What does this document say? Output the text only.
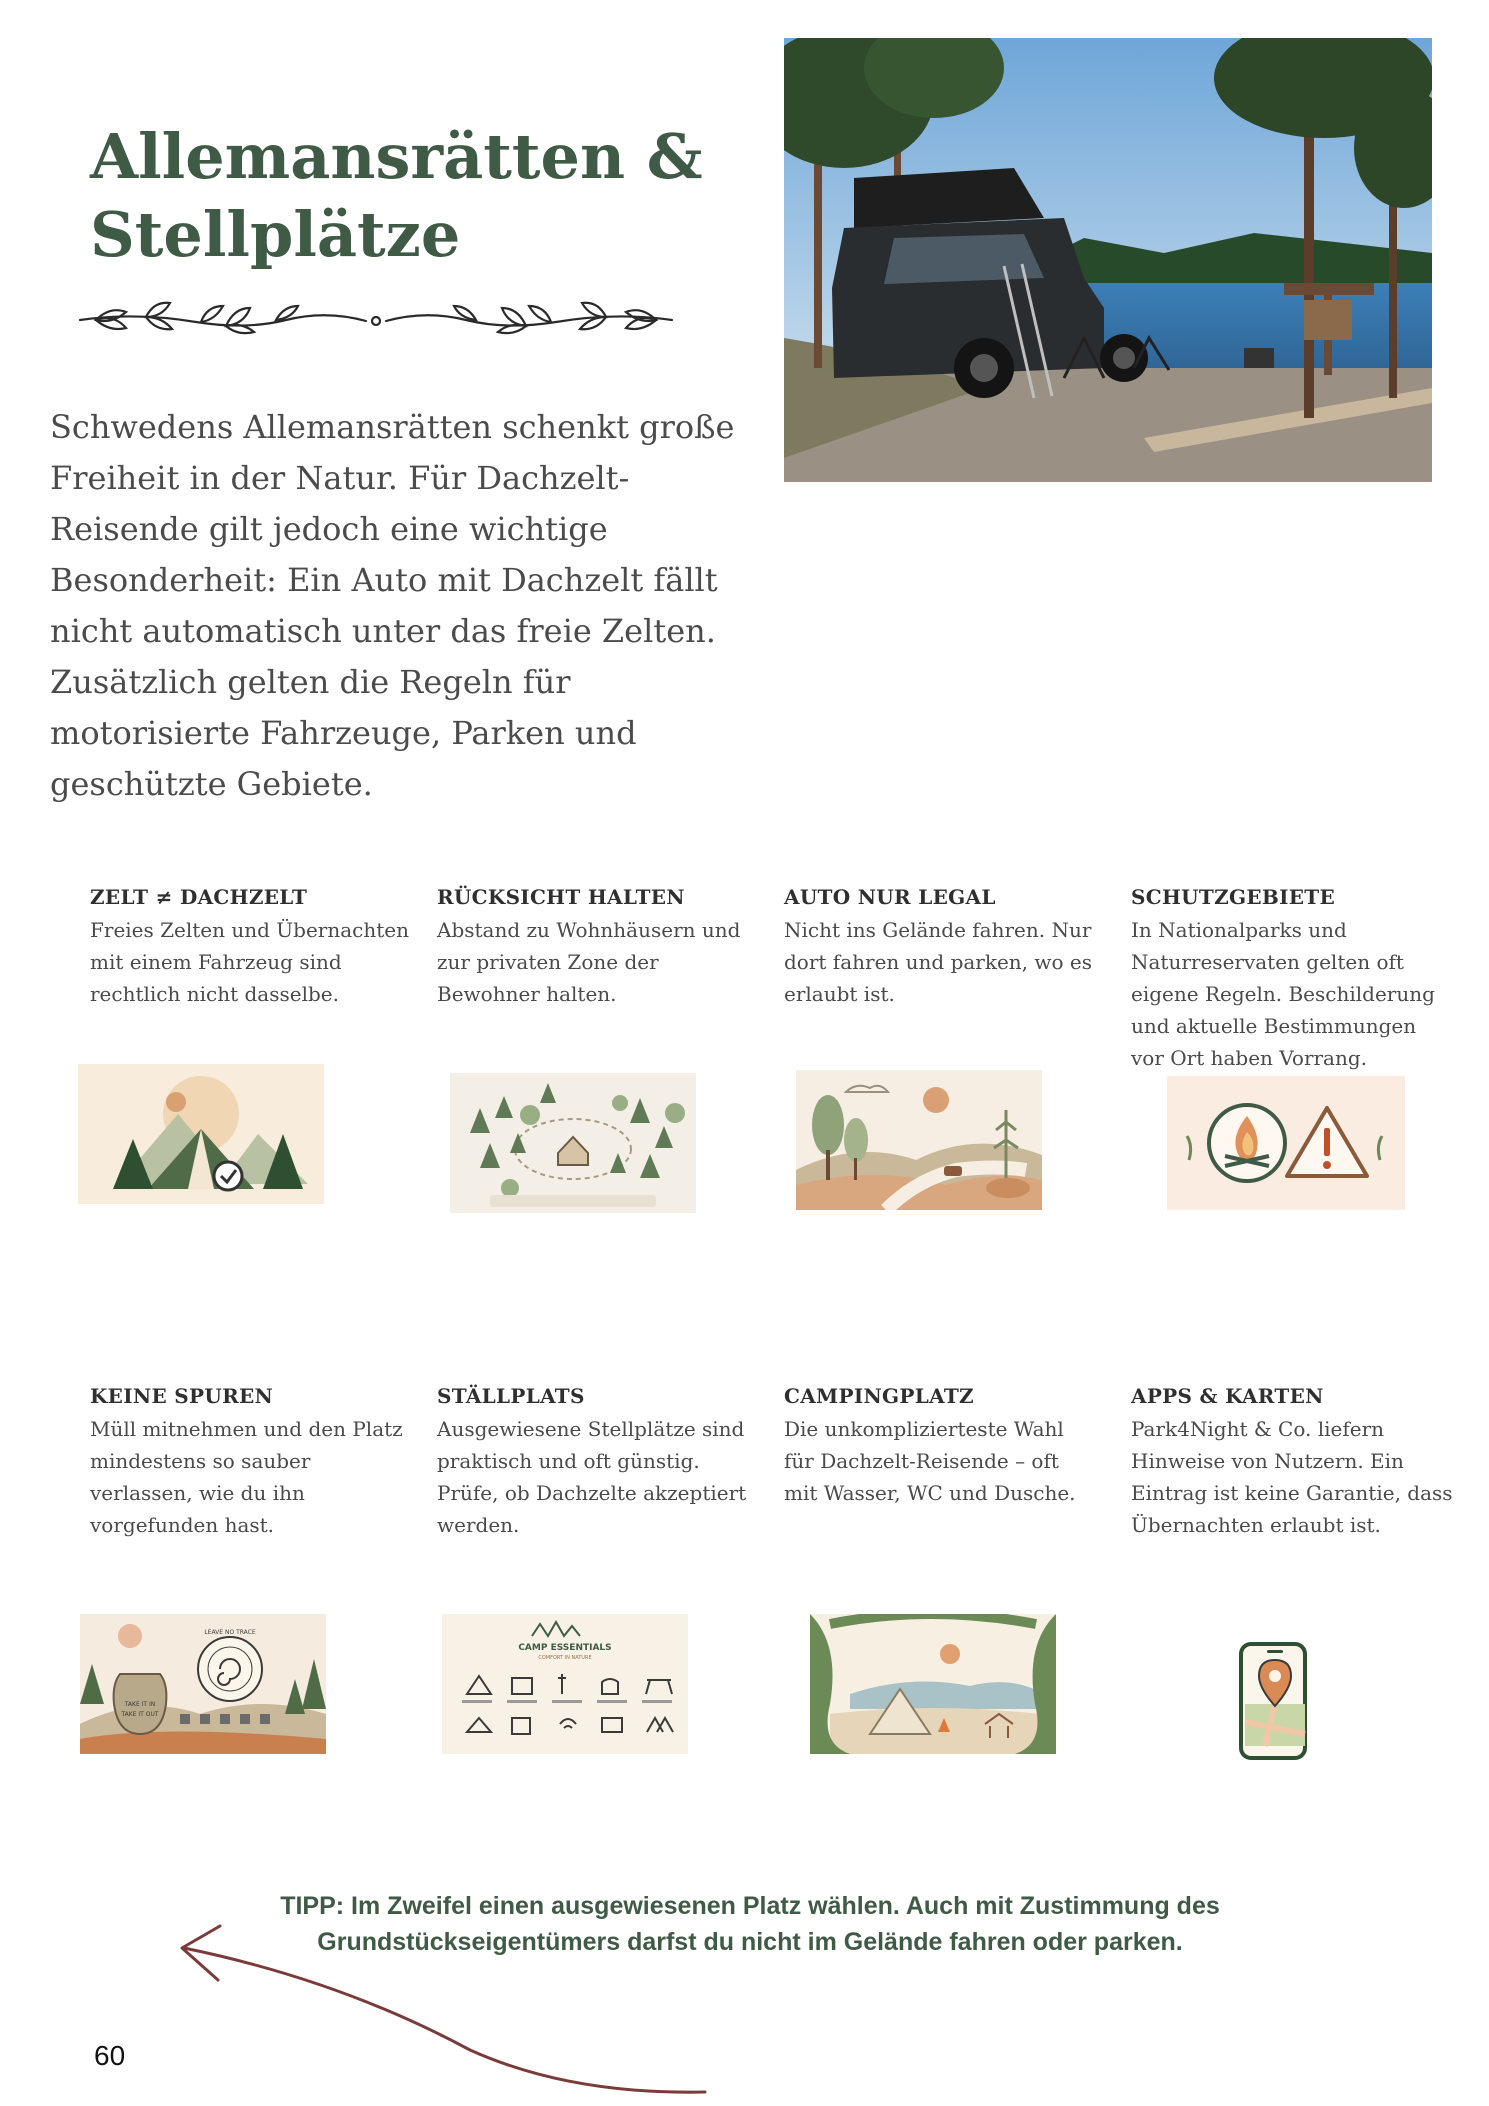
Allemansrätten &
Stellplätze

Schwedens Allemansrätten schenkt große
Freiheit in der Natur. Für Dachzelt-
Reisende gilt jedoch eine wichtige
Besonderheit: Ein Auto mit Dachzelt fällt
nicht automatisch unter das freie Zelten.
Zusätzlich gelten die Regeln für
motorisierte Fahrzeuge, Parken und
geschützte Gebiete.

ZELT ≠ DACHZELT
Freies Zelten und Übernachten
mit einem Fahrzeug sind
rechtlich nicht dasselbe.
RÜCKSICHT HALTEN
Abstand zu Wohnhäusern und
zur privaten Zone der
Bewohner halten.
AUTO NUR LEGAL
Nicht ins Gelände fahren. Nur
dort fahren und parken, wo es
erlaubt ist.
SCHUTZGEBIETE
In Nationalparks und
Naturreservaten gelten oft
eigene Regeln. Beschilderung
und aktuelle Bestimmungen
vor Ort haben Vorrang.
KEINE SPUREN
Müll mitnehmen und den Platz
mindestens so sauber
verlassen, wie du ihn
vorgefunden hast.
TAKE IT IN
TAKE IT OUT
LEAVE NO TRACE
STÄLLPLATS
Ausgewiesene Stellplätze sind
praktisch und oft günstig.
Prüfe, ob Dachzelte akzeptiert
werden.
CAMP ESSENTIALS
COMFORT IN NATURE
CAMPINGPLATZ
Die unkomplizierteste Wahl
für Dachzelt-Reisende – oft
mit Wasser, WC und Dusche.
APPS & KARTEN
Park4Night & Co. liefern
Hinweise von Nutzern. Ein
Eintrag ist keine Garantie, dass
Übernachten erlaubt ist.

TIPP: Im Zweifel einen ausgewiesenen Platz wählen. Auch mit Zustimmung des
Grundstückseigentümers darfst du nicht im Gelände fahren oder parken.

60
